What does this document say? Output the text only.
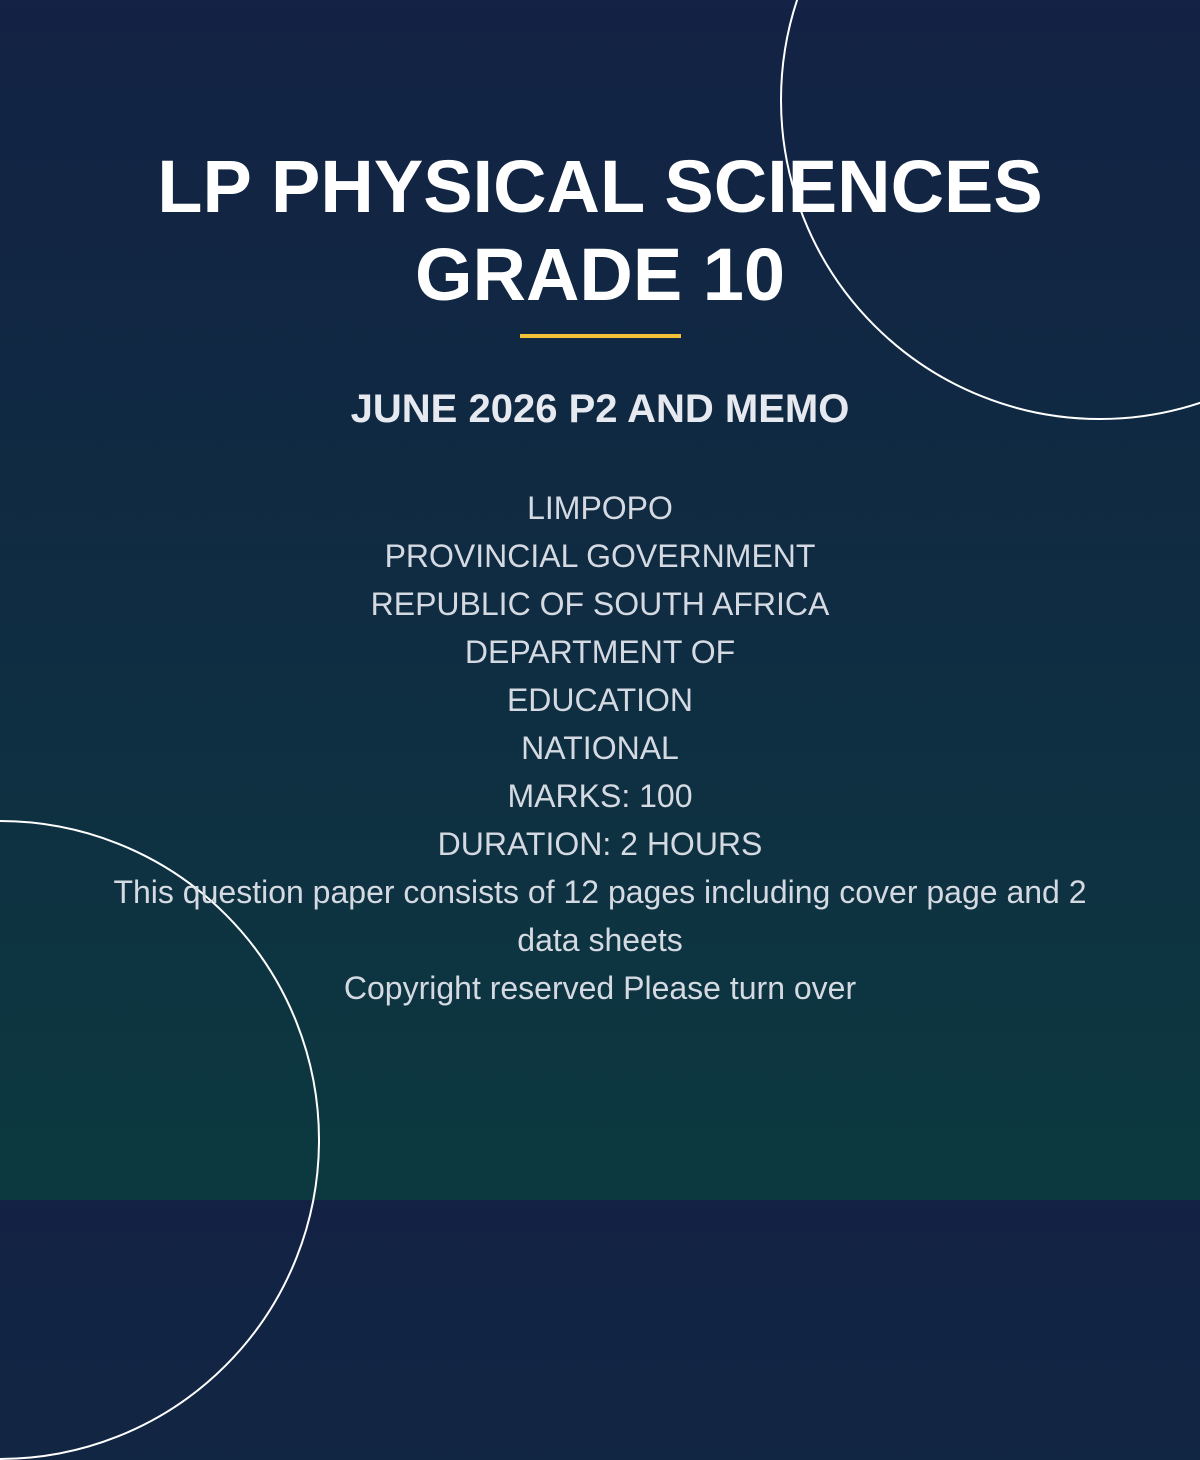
LP PHYSICAL SCIENCES
GRADE 10
JUNE 2026 P2 AND MEMO
LIMPOPO
PROVINCIAL GOVERNMENT
REPUBLIC OF SOUTH AFRICA
DEPARTMENT OF
EDUCATION
NATIONAL
MARKS: 100
DURATION: 2 HOURS
This question paper consists of 12 pages including cover page and 2 data sheets
Copyright reserved Please turn over
